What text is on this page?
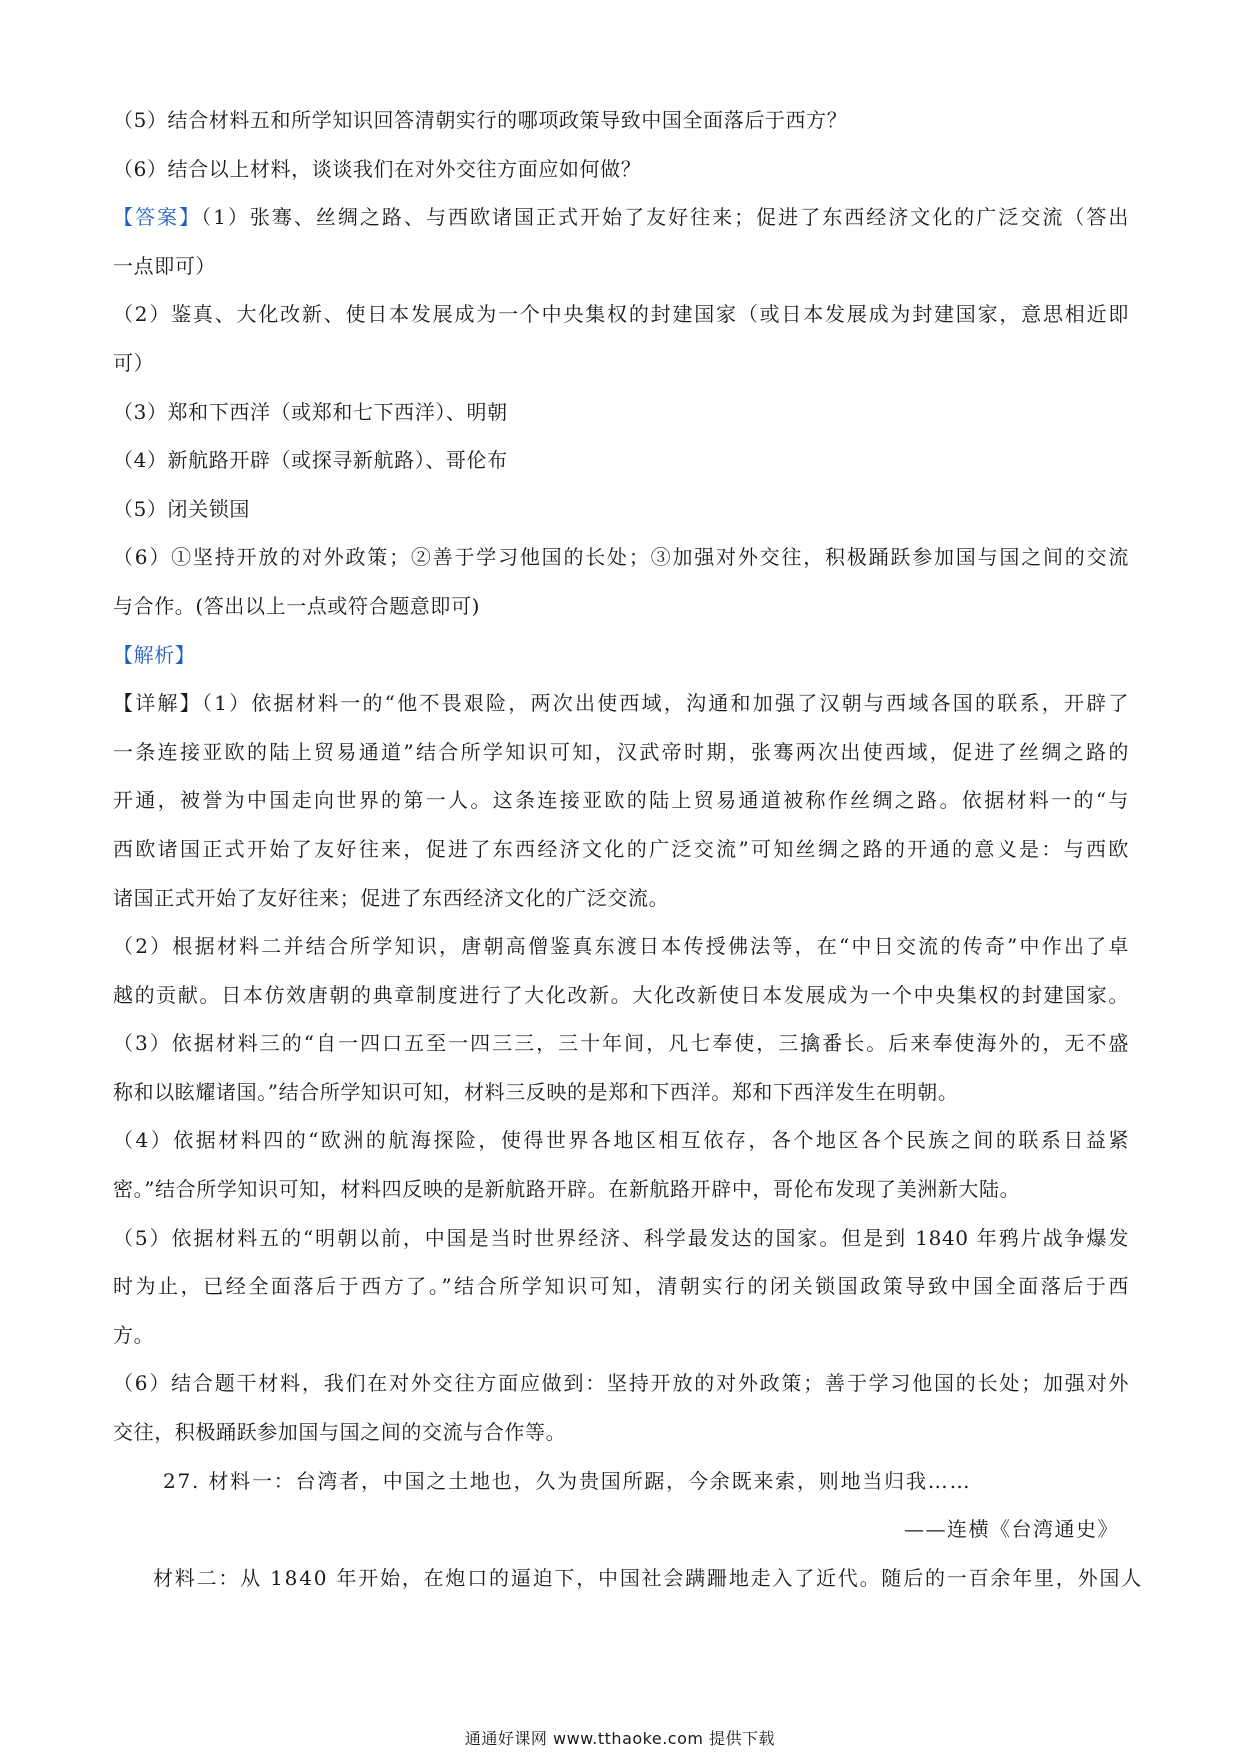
（5）结合材料五和所学知识回答清朝实行的哪项政策导致中国全面落后于西方？

（6）结合以上材料，谈谈我们在对外交往方面应如何做？

【答案】（1）张骞、丝绸之路、与西欧诸国正式开始了友好往来；促进了东西经济文化的广泛交流（答出

一点即可）

（2）鉴真、大化改新、使日本发展成为一个中央集权的封建国家（或日本发展成为封建国家，意思相近即

可）

（3）郑和下西洋（或郑和七下西洋）、明朝

（4）新航路开辟（或探寻新航路）、哥伦布

（5）闭关锁国

（6）①坚持开放的对外政策；②善于学习他国的长处；③加强对外交往，积极踊跃参加国与国之间的交流

与合作。(答出以上一点或符合题意即可)

【解析】

【详解】（1）依据材料一的“他不畏艰险，两次出使西域，沟通和加强了汉朝与西域各国的联系，开辟了

一条连接亚欧的陆上贸易通道”结合所学知识可知，汉武帝时期，张骞两次出使西域，促进了丝绸之路的

开通，被誉为中国走向世界的第一人。这条连接亚欧的陆上贸易通道被称作丝绸之路。依据材料一的“与

西欧诸国正式开始了友好往来，促进了东西经济文化的广泛交流”可知丝绸之路的开通的意义是：与西欧

诸国正式开始了友好往来；促进了东西经济文化的广泛交流。

（2）根据材料二并结合所学知识，唐朝高僧鉴真东渡日本传授佛法等，在“中日交流的传奇”中作出了卓

越的贡献。日本仿效唐朝的典章制度进行了大化改新。大化改新使日本发展成为一个中央集权的封建国家。

（3）依据材料三的“自一四口五至一四三三，三十年间，凡七奉使，三擒番长。后来奉使海外的，无不盛

称和以眩耀诸国。”结合所学知识可知，材料三反映的是郑和下西洋。郑和下西洋发生在明朝。

（4）依据材料四的“欧洲的航海探险，使得世界各地区相互依存，各个地区各个民族之间的联系日益紧

密。”结合所学知识可知，材料四反映的是新航路开辟。在新航路开辟中，哥伦布发现了美洲新大陆。

（5）依据材料五的“明朝以前，中国是当时世界经济、科学最发达的国家。但是到 1840 年鸦片战争爆发

时为止，已经全面落后于西方了。”结合所学知识可知，清朝实行的闭关锁国政策导致中国全面落后于西

方。

（6）结合题干材料，我们在对外交往方面应做到：坚持开放的对外政策；善于学习他国的长处；加强对外

交往，积极踊跃参加国与国之间的交流与合作等。

27. 材料一：台湾者，中国之土地也，久为贵国所踞，今余既来索，则地当归我……

——连横《台湾通史》

材料二：从 1840 年开始，在炮口的逼迫下，中国社会蹒跚地走入了近代。随后的一百余年里，外国人

通通好课网 www.tthaoke.com 提供下载
